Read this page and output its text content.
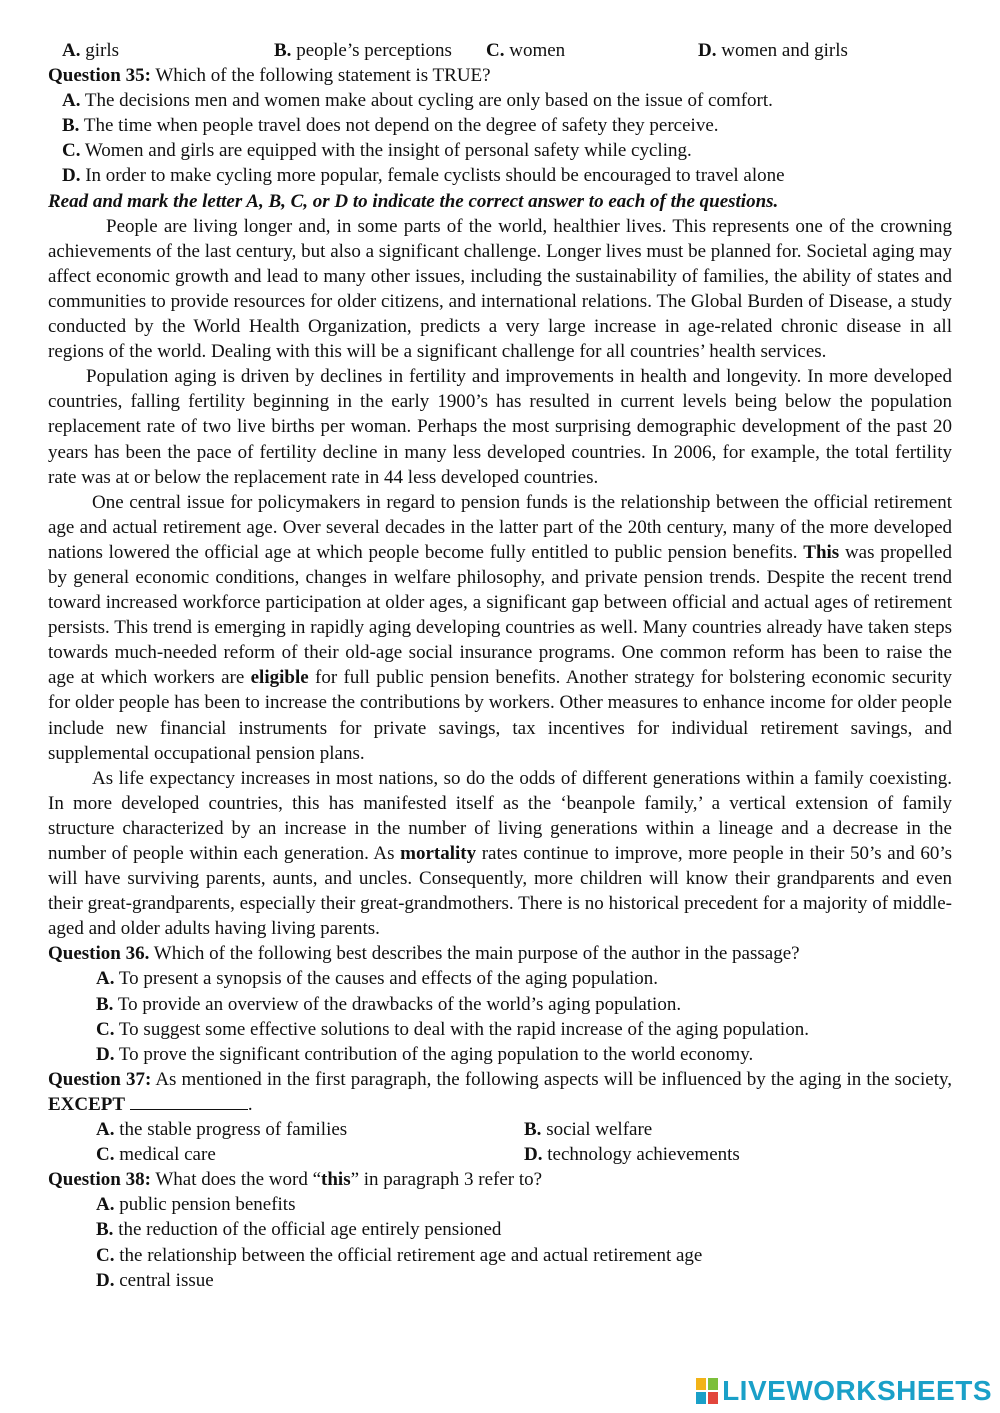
A. girls	B. people’s perceptions C. women	D. women and girls
Question 35: Which of the following statement is TRUE?
A. The decisions men and women make about cycling are only based on the issue of comfort.
B. The time when people travel does not depend on the degree of safety they perceive.
C. Women and girls are equipped with the insight of personal safety while cycling.
D. In order to make cycling more popular, female cyclists should be encouraged to travel alone
Read and mark the letter A, B, C, or D to indicate the correct answer to each of the questions.
People are living longer and, in some parts of the world, healthier lives. This represents one of the crowning achievements of the last century, but also a significant challenge. Longer lives must be planned for. Societal aging may affect economic growth and lead to many other issues, including the sustainability of families, the ability of states and communities to provide resources for older citizens, and international relations. The Global Burden of Disease, a study conducted by the World Health Organization, predicts a very large increase in age-related chronic disease in all regions of the world. Dealing with this will be a significant challenge for all countries’ health services.
Population aging is driven by declines in fertility and improvements in health and longevity. In more developed countries, falling fertility beginning in the early 1900’s has resulted in current levels being below the population replacement rate of two live births per woman. Perhaps the most surprising demographic development of the past 20 years has been the pace of fertility decline in many less developed countries. In 2006, for example, the total fertility rate was at or below the replacement rate in 44 less developed countries.
One central issue for policymakers in regard to pension funds is the relationship between the official retirement age and actual retirement age. Over several decades in the latter part of the 20th century, many of the more developed nations lowered the official age at which people become fully entitled to public pension benefits. This was propelled by general economic conditions, changes in welfare philosophy, and private pension trends. Despite the recent trend toward increased workforce participation at older ages, a significant gap between official and actual ages of retirement persists. This trend is emerging in rapidly aging developing countries as well. Many countries already have taken steps towards much-needed reform of their old-age social insurance programs. One common reform has been to raise the age at which workers are eligible for full public pension benefits. Another strategy for bolstering economic security for older people has been to increase the contributions by workers. Other measures to enhance income for older people include new financial instruments for private savings, tax incentives for individual retirement savings, and supplemental occupational pension plans.
As life expectancy increases in most nations, so do the odds of different generations within a family coexisting. In more developed countries, this has manifested itself as the ‘beanpole family,’ a vertical extension of family structure characterized by an increase in the number of living generations within a lineage and a decrease in the number of people within each generation. As mortality rates continue to improve, more people in their 50’s and 60’s will have surviving parents, aunts, and uncles. Consequently, more children will know their grandparents and even their great-grandparents, especially their great-grandmothers. There is no historical precedent for a majority of middle-aged and older adults having living parents.
Question 36. Which of the following best describes the main purpose of the author in the passage?
A. To present a synopsis of the causes and effects of the aging population.
B. To provide an overview of the drawbacks of the world’s aging population.
C. To suggest some effective solutions to deal with the rapid increase of the aging population.
D. To prove the significant contribution of the aging population to the world economy.
Question 37: As mentioned in the first paragraph, the following aspects will be influenced by the aging in the society, EXCEPT	.
A. the stable progress of families	B. social welfare
C. medical care	D. technology achievements
Question 38: What does the word “this” in paragraph 3 refer to?
A. public pension benefits
B. the reduction of the official age entirely pensioned
C. the relationship between the official retirement age and actual retirement age
D. central issue
LIVEWORKSHEETS
